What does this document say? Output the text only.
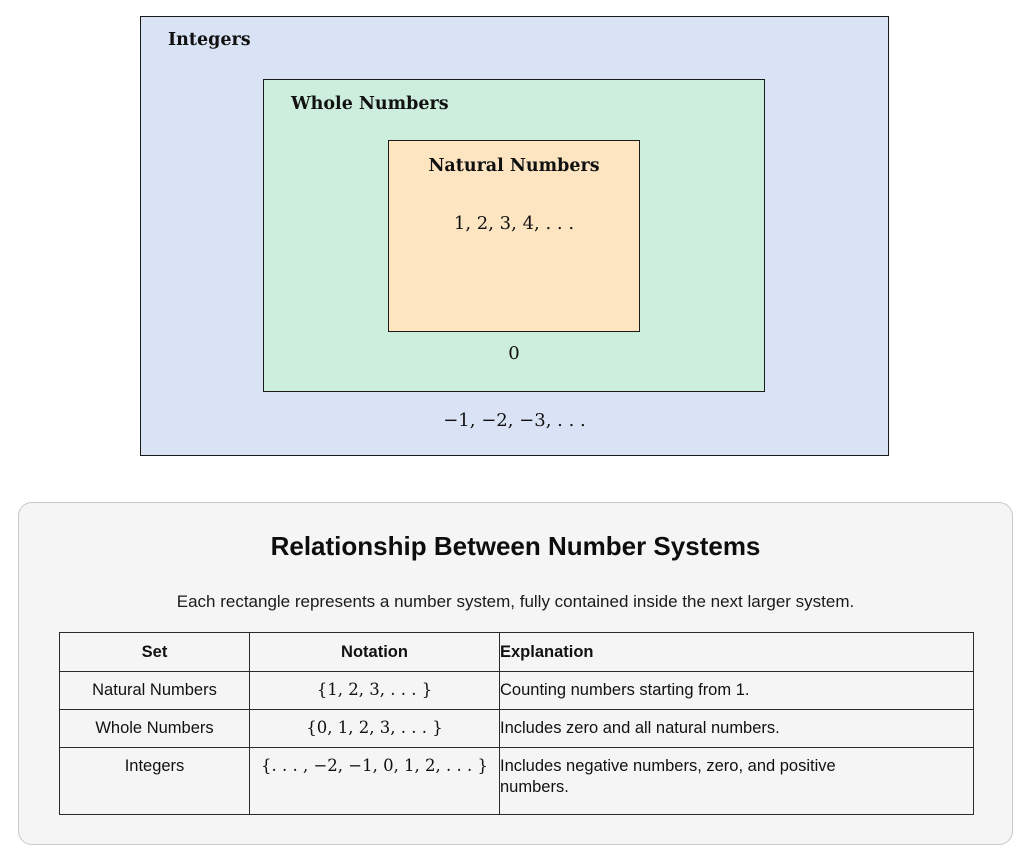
Integers
Whole Numbers
Natural Numbers
1, 2, 3, 4, . . .
0
−1, −2, −3, . . .
Relationship Between Number Systems
Each rectangle represents a number system, fully contained inside the next larger system.
Set	Notation	Explanation
Natural Numbers	{1, 2, 3, . . . }	Counting numbers starting from 1.
Whole Numbers	{0, 1, 2, 3, . . . }	Includes zero and all natural numbers.
Integers	{. . . , −2, −1, 0, 1, 2, . . . }	Includes negative numbers, zero, and positive numbers.
